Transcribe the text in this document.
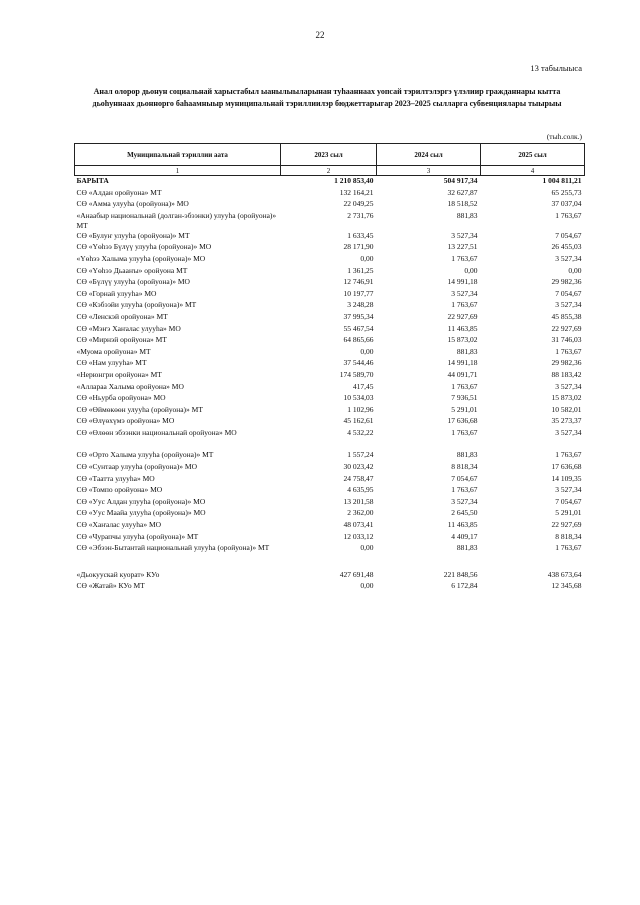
22
13 табылыыса
Анал олорор дьонун социальнай харыстабыл ыанылыыларынан туһааннаах уопсай тэрилтэлэргэ үлэлиир гражданнары кытта дьоһуннаах дьоннорго баһаамныыр муниципальнай тэриллиилэр бюджеттарыгар 2023–2025 сылларга субвенциялары тыырыы
(тыһ.солк.)
Муниципальнай тэриллии аата	2023 сыл	2024 сыл	2025 сыл
1	2	3	4
БАРЫТА	1 210 853,40	504 917,34	1 004 811,21
СӨ «Алдан оройуона» МТ	132 164,21	32 627,87	65 255,73
СӨ «Амма улууһа (оройуона)» МО	22 049,25	18 518,52	37 037,04
«Анаабыр национальнай (долган-эбээнки) улууһа (оройуона)» МТ	2 731,76	881,83	1 763,67
СӨ «Булуҥ улууһа (оройуона)» МТ	1 633,45	3 527,34	7 054,67
СӨ «Үөһээ Бүлүү улууһа (оройуона)» МО	28 171,90	13 227,51	26 455,03
«Үөһээ Халыма улууһа (оройуона)» МО	0,00	1 763,67	3 527,34
СӨ «Үөһээ Дьааҥы» оройуона МТ	1 361,25	0,00	0,00
СӨ «Бүлүү улууһа (оройуона)» МО	12 746,91	14 991,18	29 982,36
СӨ «Горнай улууһа» МО	10 197,77	3 527,34	7 054,67
СӨ «Кэбээйи улууһа (оройуона)» МТ	3 248,28	1 763,67	3 527,34
СӨ «Ленскэй оройуона» МТ	37 995,34	22 927,69	45 855,38
СӨ «Мэҥэ Хаҥалас улууһа» МО	55 467,54	11 463,85	22 927,69
СӨ «Мирнэй оройуона» МТ	64 865,66	15 873,02	31 746,03
«Муома оройуона» МТ	0,00	881,83	1 763,67
СӨ «Нам улууһа» МТ	37 544,46	14 991,18	29 982,36
«Нерюнгри оройуона» МТ	174 589,70	44 091,71	88 183,42
«Аллараа Халыма оройуона» МО	417,45	1 763,67	3 527,34
СӨ «Ньурба оройуона» МО	10 534,03	7 936,51	15 873,02
СӨ «Өймөкөөн улууһа (оройуона)» МТ	1 102,96	5 291,01	10 582,01
СӨ «Өлүөхүмэ оройуона» МО	45 162,61	17 636,68	35 273,37
СӨ «Өлөөн эбээнки национальнай оройуона» МО	4 532,22	1 763,67	3 527,34

СӨ «Орто Халыма улууһа (оройуона)» МТ	1 557,24	881,83	1 763,67
СӨ «Сунтаар улууһа (оройуона)» МО	30 023,42	8 818,34	17 636,68
СӨ «Таатта улууһа» МО	24 758,47	7 054,67	14 109,35
СӨ «Томпо оройуона» МО	4 635,95	1 763,67	3 527,34
СӨ «Уус Алдан улууһа (оройуона)» МО	13 201,58	3 527,34	7 054,67
СӨ «Уус Маайа улууһа (оройуона)» МО	2 362,00	2 645,50	5 291,01
СӨ «Хаҥалас улууһа» МО	48 073,41	11 463,85	22 927,69
СӨ «Чурапчы улууһа (оройуона)» МТ	12 033,12	4 409,17	8 818,34
СӨ «Эбээн-Бытантай национальнай улууһа (оройуона)» МТ	0,00	881,83	1 763,67

«Дьокуускай куорат» КУо	427 691,48	221 848,56	438 673,64
СӨ «Жатай» КУо МТ	0,00	6 172,84	12 345,68
